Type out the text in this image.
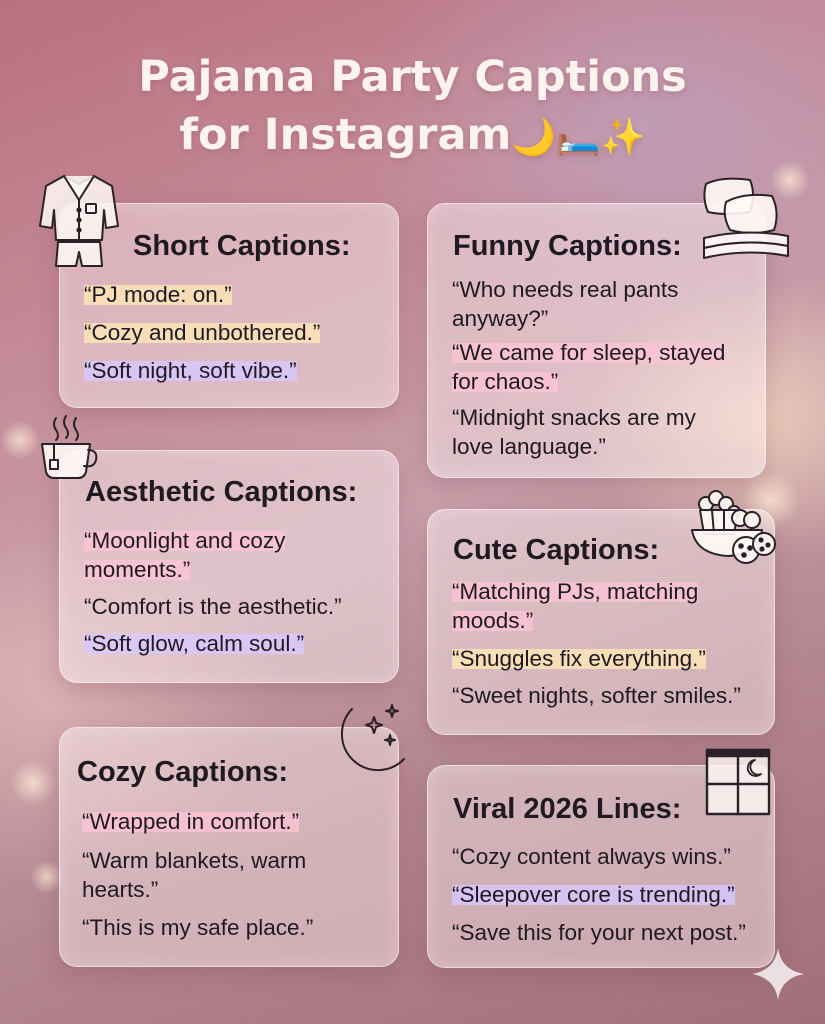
Pajama Party Captions
for Instagram🌙🛏️✨
Short Captions:
“PJ mode: on.”
“Cozy and unbothered.”
“Soft night, soft vibe.”
Funny Captions:
“Who needs real pants anyway?”
“We came for sleep, stayed for chaos.”
“Midnight snacks are my love language.”
Aesthetic Captions:
“Moonlight and cozy moments.”
“Comfort is the aesthetic.”
“Soft glow, calm soul.”
Cute Captions:
“Matching PJs, matching moods.”
“Snuggles fix everything.”
“Sweet nights, softer smiles.”
Cozy Captions:
“Wrapped in comfort.”
“Warm blankets, warm hearts.”
“This is my safe place.”
Viral 2026 Lines:
“Cozy content always wins.”
“Sleepover core is trending.”
“Save this for your next post.”
